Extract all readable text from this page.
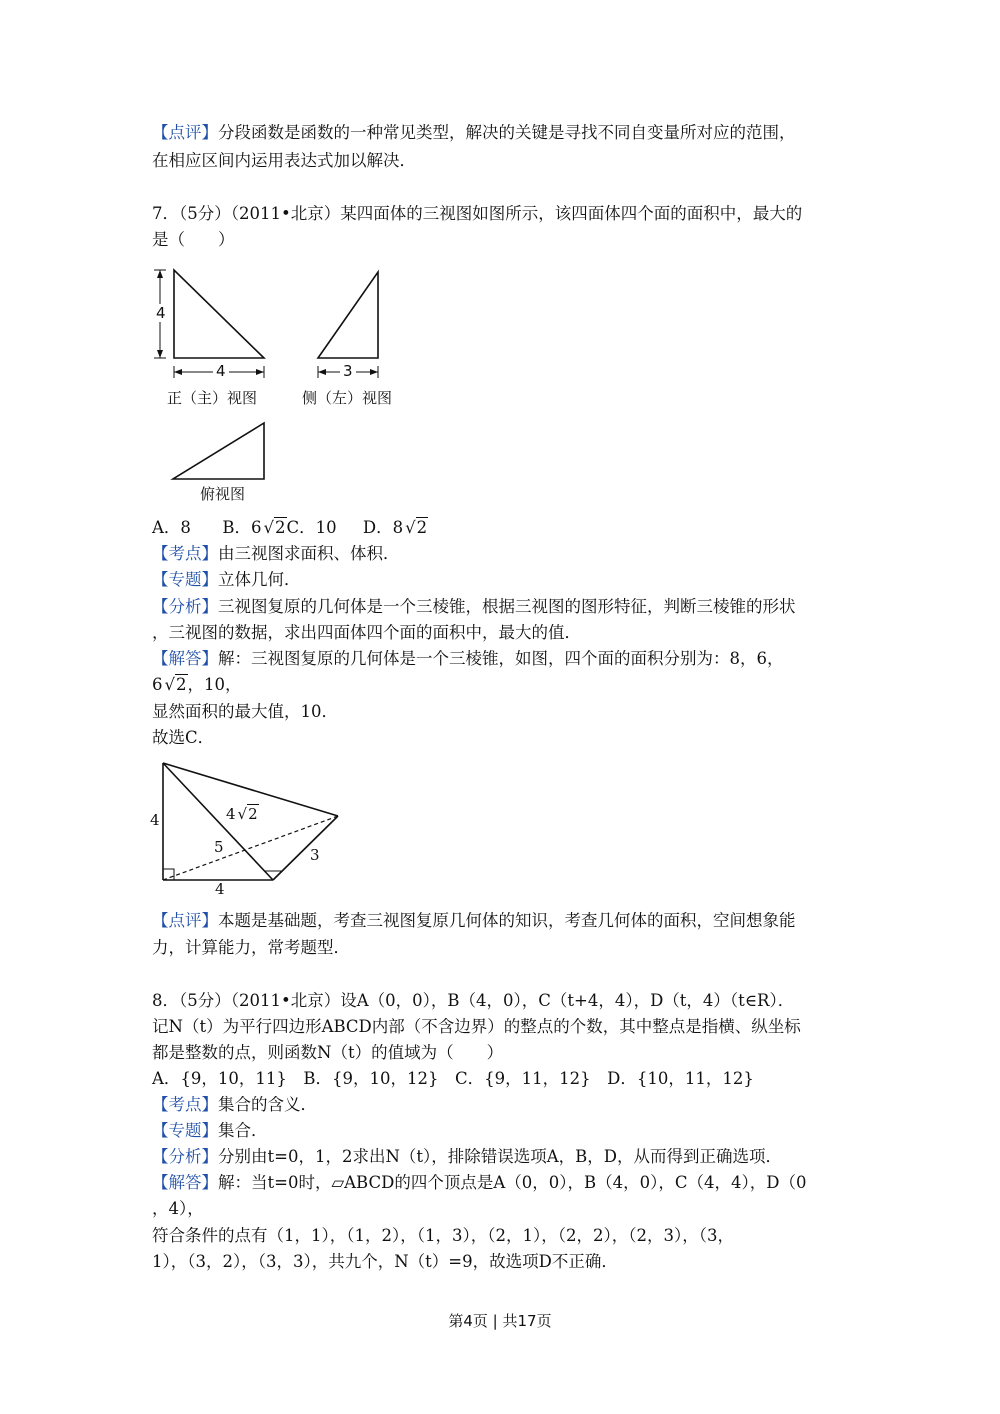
【点评】分段函数是函数的一种常见类型，解决的关键是寻找不同自变量所对应的范围，
在相应区间内运用表达式加以解决．
7．（5分）（2011•北京）某四面体的三视图如图所示，该四面体四个面的面积中，最大的
是（　　）
4
4
正（主）视图
3
侧（左）视图
俯视图
A．8 B．6 √2C．10 D．8 √2
【考点】由三视图求面积、体积．
【专题】立体几何．
【分析】三视图复原的几何体是一个三棱锥，根据三视图的图形特征，判断三棱锥的形状
，三视图的数据，求出四面体四个面的面积中，最大的值．
【解答】解：三视图复原的几何体是一个三棱锥，如图，四个面的面积分别为：8，6，
6 √2，10，
显然面积的最大值，10．
故选C．
4
4
5	3
4 √2
【点评】本题是基础题，考查三视图复原几何体的知识，考查几何体的面积，空间想象能
力，计算能力，常考题型．
8．（5分）（2011•北京）设A（0，0），B（4，0），C（t+4，4），D（t，4）（t∈R）．
记N（t）为平行四边形ABCD内部（不含边界）的整点的个数，其中整点是指横、纵坐标
都是整数的点，则函数N（t）的值域为（　　）
A．{9，10，11}　B．{9，10，12}　C．{9，11，12}　D．{10，11，12}
【考点】集合的含义．
【专题】集合．
【分析】分别由t=0，1，2求出N（t），排除错误选项A，B，D，从而得到正确选项．
【解答】解：当t=0时，▱ABCD的四个顶点是A（0，0），B（4，0），C（4，4），D（0
，4），
符合条件的点有（1，1），（1，2），（1，3），（2，1），（2，2），（2，3），（3，
1），（3，2），（3，3），共九个，N（t）=9，故选项D不正确．
第4页 | 共17页
